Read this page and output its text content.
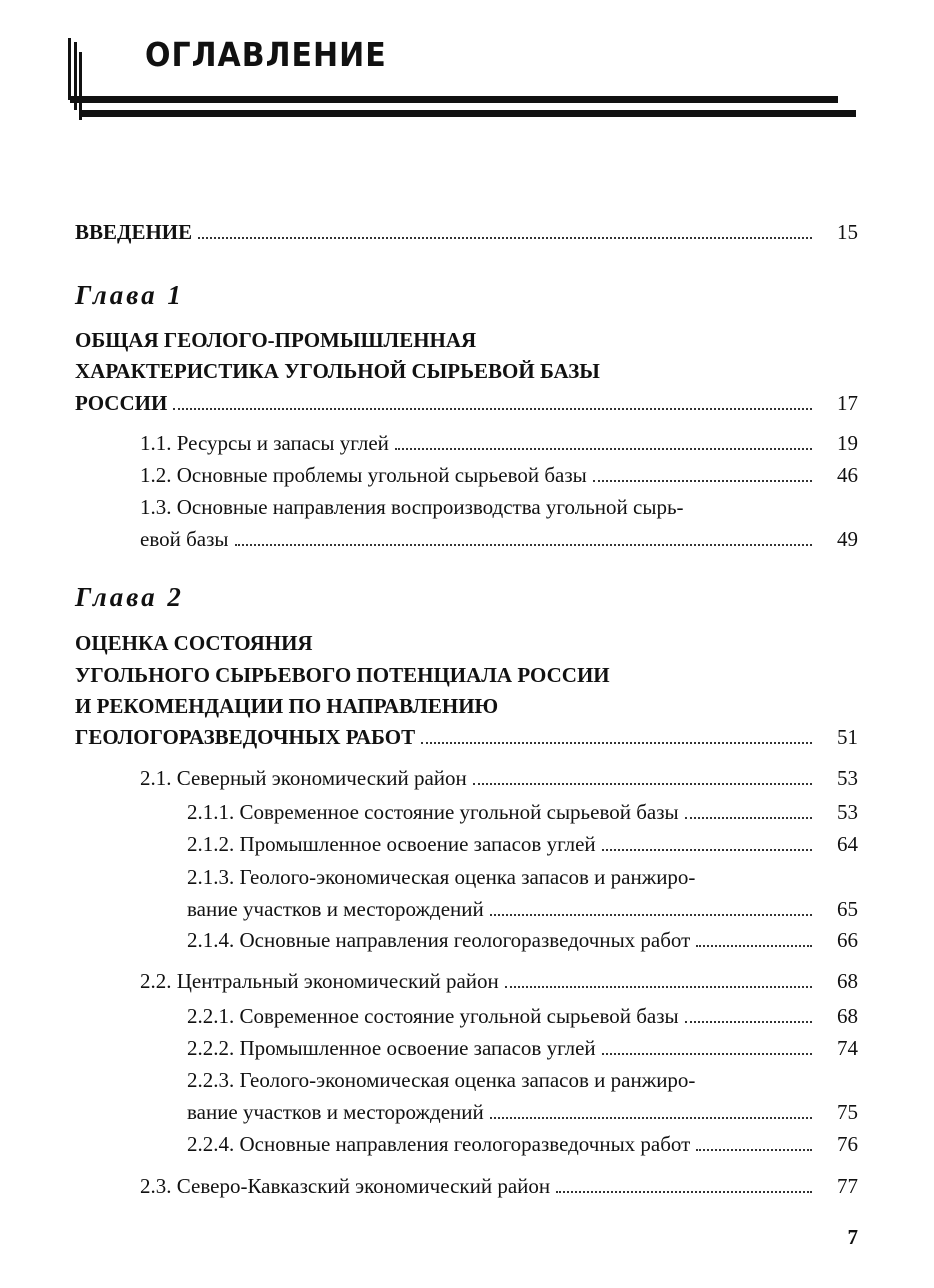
ОГЛАВЛЕНИЕ
ВВЕДЕНИЕ	15
Глава 1
ОБЩАЯ ГЕОЛОГО-ПРОМЫШЛЕННАЯ
ХАРАКТЕРИСТИКА УГОЛЬНОЙ СЫРЬЕВОЙ БАЗЫ
РОССИИ	17
1.1. Ресурсы и запасы углей	19
1.2. Основные проблемы угольной сырьевой базы	46
1.3. Основные направления воспроизводства угольной сырь-
евой базы	49
Глава 2
ОЦЕНКА СОСТОЯНИЯ
УГОЛЬНОГО СЫРЬЕВОГО ПОТЕНЦИАЛА РОССИИ
И РЕКОМЕНДАЦИИ ПО НАПРАВЛЕНИЮ
ГЕОЛОГОРАЗВЕДОЧНЫХ РАБОТ	51
2.1. Северный экономический район	53
2.1.1. Современное состояние угольной сырьевой базы	53
2.1.2. Промышленное освоение запасов углей	64
2.1.3. Геолого-экономическая оценка запасов и ранжиро-
вание участков и месторождений	65
2.1.4. Основные направления геологоразведочных работ	66
2.2. Центральный экономический район	68
2.2.1. Современное состояние угольной сырьевой базы	68
2.2.2. Промышленное освоение запасов углей	74
2.2.3. Геолого-экономическая оценка запасов и ранжиро-
вание участков и месторождений	75
2.2.4. Основные направления геологоразведочных работ	76
2.3. Северо-Кавказский экономический район	77
7
